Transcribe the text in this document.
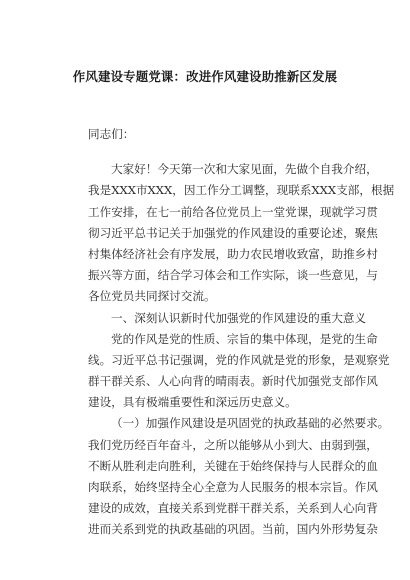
作风建设专题党课：改进作风建设助推新区发展
同志们：
大家好！今天第一次和大家见面，先做个自我介绍，
我是XXX市XXX，因工作分工调整，现联系XXX支部，根据
工作安排，在七一前给各位党员上一堂党课，现就学习贯
彻习近平总书记关于加强党的作风建设的重要论述，聚焦
村集体经济社会有序发展，助力农民增收致富，助推乡村
振兴等方面，结合学习体会和工作实际，谈一些意见，与
各位党员共同探讨交流。
一、深刻认识新时代加强党的作风建设的重大意义
党的作风是党的性质、宗旨的集中体现，是党的生命
线。习近平总书记强调，党的作风就是党的形象，是观察党
群干群关系、人心向背的晴雨表。新时代加强党支部作风
建设，具有极端重要性和深远历史意义。
（一）加强作风建设是巩固党的执政基础的必然要求。
我们党历经百年奋斗，之所以能够从小到大、由弱到强，
不断从胜利走向胜利，关键在于始终保持与人民群众的血
肉联系，始终坚持全心全意为人民服务的根本宗旨。作风
建设的成效，直接关系到党群干群关系，关系到人心向背
进而关系到党的执政基础的巩固。当前，国内外形势复杂
